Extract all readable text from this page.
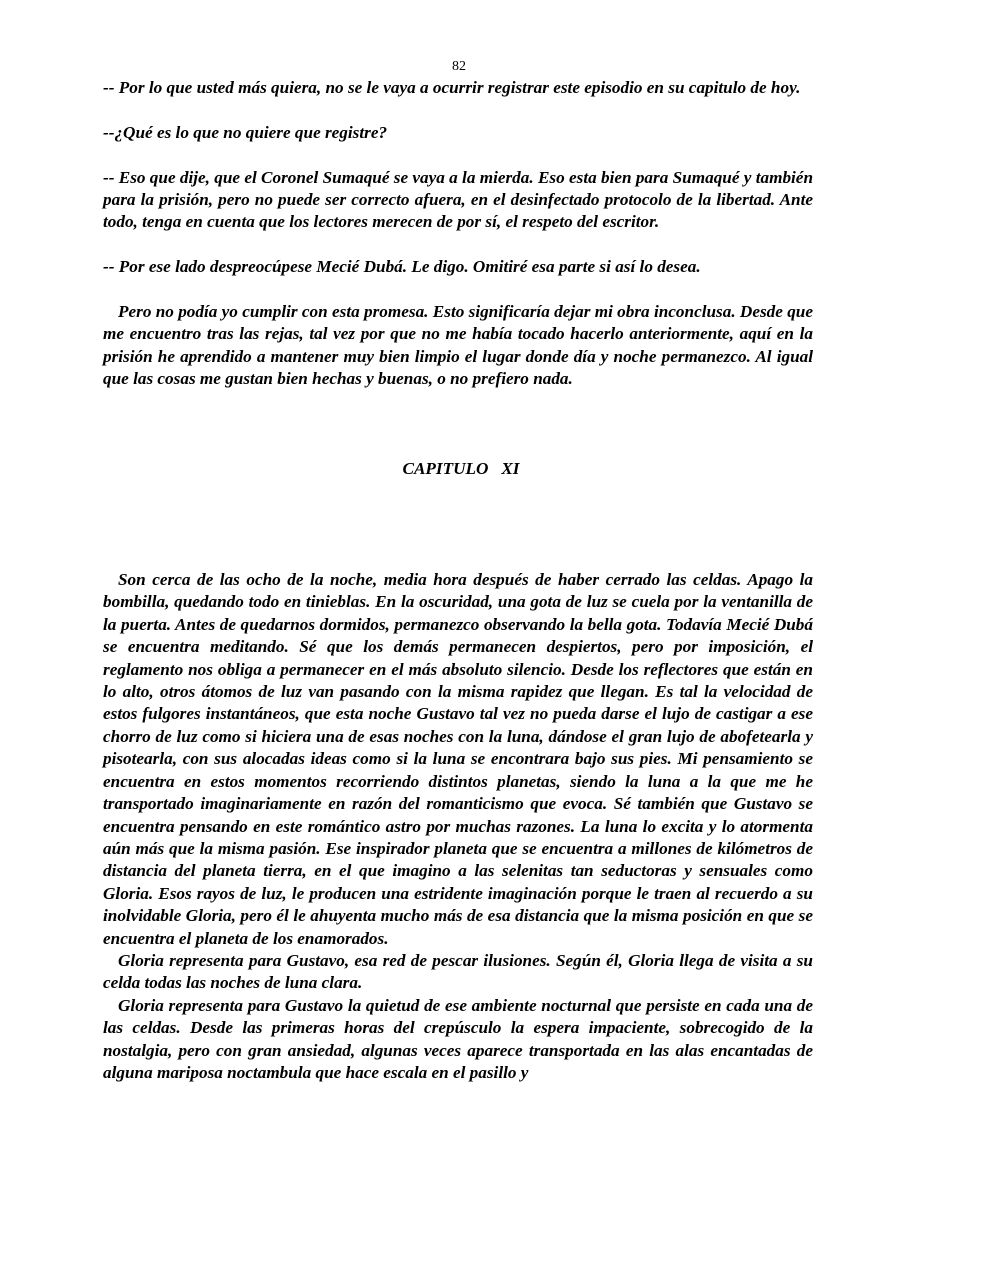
82

-- Por lo que usted más quiera, no se le vaya a ocurrir registrar este episodio en su capitulo de hoy.

--¿Qué es lo que no quiere que registre?

-- Eso que dije, que el Coronel Sumaqué se vaya a la mierda. Eso esta bien para Sumaqué y también para la prisión, pero no puede ser correcto afuera, en el desinfectado protocolo de la libertad. Ante todo, tenga en cuenta que los lectores merecen de por sí, el respeto del escritor.

-- Por ese lado despreocúpese Mecié Dubá. Le digo. Omitiré esa parte si así lo desea.

Pero no podía yo cumplir con esta promesa. Esto significaría dejar mi obra inconclusa. Desde que me encuentro tras las rejas, tal vez por que no me había tocado hacerlo anteriormente, aquí en la prisión he aprendido a mantener muy bien limpio el lugar donde día y noche permanezco. Al igual que las cosas me gustan bien hechas y buenas, o no prefiero nada.

CAPITULO   XI

Son cerca de las ocho de la noche, media hora después de haber cerrado las celdas. Apago la bombilla, quedando todo en tinieblas. En la oscuridad, una gota de luz se cuela por la ventanilla de la puerta. Antes de quedarnos dormidos, permanezco observando la bella gota. Todavía Mecié Dubá se encuentra meditando. Sé que los demás permanecen despiertos, pero por imposición, el reglamento nos obliga a permanecer en el más absoluto silencio. Desde los reflectores que están en lo alto, otros átomos de luz van pasando con la misma rapidez que llegan. Es tal la velocidad de estos fulgores instantáneos, que esta noche Gustavo tal vez no pueda darse el lujo de castigar a ese chorro de luz como si hiciera una de esas noches con la luna, dándose el gran lujo de abofetearla y pisotearla, con sus alocadas ideas como si la luna se encontrara bajo sus pies. Mi pensamiento se encuentra en estos momentos recorriendo distintos planetas, siendo la luna a la que me he transportado imaginariamente en razón del romanticismo que evoca. Sé también que Gustavo se encuentra pensando en este romántico astro por muchas razones. La luna lo excita y lo atormenta aún más que la misma pasión. Ese inspirador planeta que se encuentra a millones de kilómetros de distancia del planeta tierra, en el que imagino a las selenitas tan seductoras y sensuales como Gloria. Esos rayos de luz, le producen una estridente imaginación porque le traen al recuerdo a su inolvidable Gloria, pero él le ahuyenta mucho más de esa distancia que la misma posición en que se encuentra el planeta de los enamorados.

Gloria representa para Gustavo, esa red de pescar ilusiones. Según él, Gloria llega de visita a su celda todas las noches de luna clara.

Gloria representa para Gustavo la quietud de ese ambiente nocturnal que persiste en cada una de las celdas. Desde las primeras horas del crepúsculo la espera impaciente, sobrecogido de la nostalgia, pero con gran ansiedad, algunas veces aparece transportada en las alas encantadas de alguna mariposa noctambula que hace escala en el pasillo y
